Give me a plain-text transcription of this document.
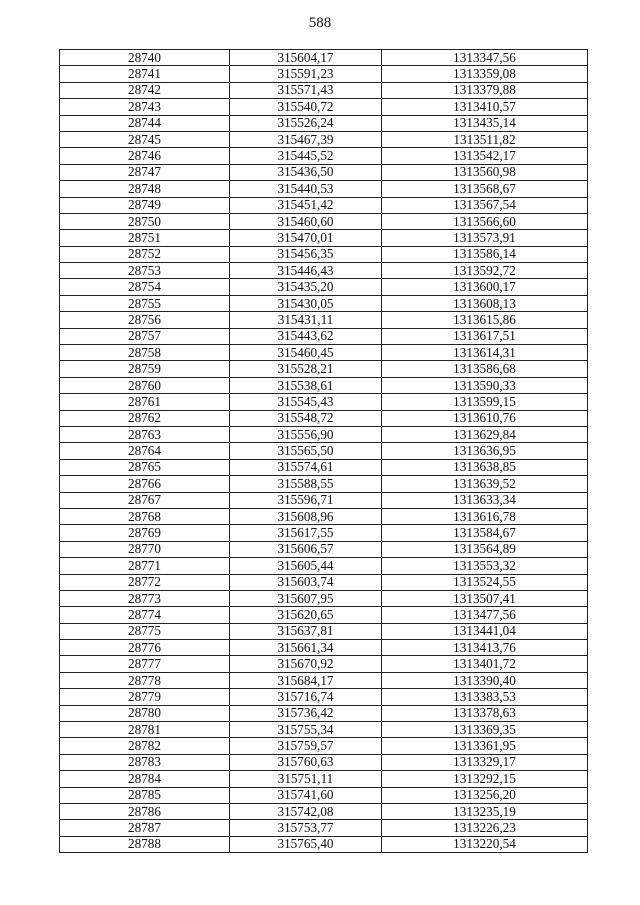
588
28740	315604,17	1313347,56
28741	315591,23	1313359,08
28742	315571,43	1313379,88
28743	315540,72	1313410,57
28744	315526,24	1313435,14
28745	315467,39	1313511,82
28746	315445,52	1313542,17
28747	315436,50	1313560,98
28748	315440,53	1313568,67
28749	315451,42	1313567,54
28750	315460,60	1313566,60
28751	315470,01	1313573,91
28752	315456,35	1313586,14
28753	315446,43	1313592,72
28754	315435,20	1313600,17
28755	315430,05	1313608,13
28756	315431,11	1313615,86
28757	315443,62	1313617,51
28758	315460,45	1313614,31
28759	315528,21	1313586,68
28760	315538,61	1313590,33
28761	315545,43	1313599,15
28762	315548,72	1313610,76
28763	315556,90	1313629,84
28764	315565,50	1313636,95
28765	315574,61	1313638,85
28766	315588,55	1313639,52
28767	315596,71	1313633,34
28768	315608,96	1313616,78
28769	315617,55	1313584,67
28770	315606,57	1313564,89
28771	315605,44	1313553,32
28772	315603,74	1313524,55
28773	315607,95	1313507,41
28774	315620,65	1313477,56
28775	315637,81	1313441,04
28776	315661,34	1313413,76
28777	315670,92	1313401,72
28778	315684,17	1313390,40
28779	315716,74	1313383,53
28780	315736,42	1313378,63
28781	315755,34	1313369,35
28782	315759,57	1313361,95
28783	315760,63	1313329,17
28784	315751,11	1313292,15
28785	315741,60	1313256,20
28786	315742,08	1313235,19
28787	315753,77	1313226,23
28788	315765,40	1313220,54
